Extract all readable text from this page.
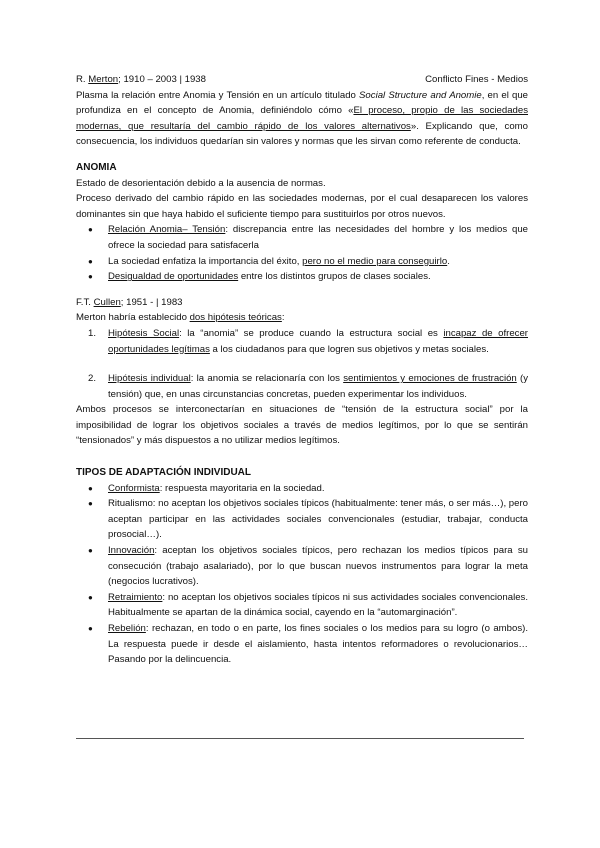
R. Merton; 1910 – 2003 | 1938	Conflicto Fines - Medios
Plasma la relación entre Anomia y Tensión en un artículo titulado Social Structure and Anomie, en el que profundiza en el concepto de Anomia, definiéndolo cómo «El proceso, propio de las sociedades modernas, que resultaría del cambio rápido de los valores alternativos». Explicando que, como consecuencia, los individuos quedarían sin valores y normas que les sirvan como referente de conducta.
ANOMIA
Estado de desorientación debido a la ausencia de normas.
Proceso derivado del cambio rápido en las sociedades modernas, por el cual desaparecen los valores dominantes sin que haya habido el suficiente tiempo para sustituirlos por otros nuevos.
● Relación Anomia– Tensión: discrepancia entre las necesidades del hombre y los medios que ofrece la sociedad para satisfacerla
● La sociedad enfatiza la importancia del éxito, pero no el medio para conseguirlo.
● Desigualdad de oportunidades entre los distintos grupos de clases sociales.
F.T. Cullen; 1951 - | 1983
Merton habría establecido dos hipótesis teóricas:
1. Hipótesis Social: la “anomia” se produce cuando la estructura social es incapaz de ofrecer oportunidades legítimas a los ciudadanos para que logren sus objetivos y metas sociales.
2. Hipótesis individual: la anomia se relacionaría con los sentimientos y emociones de frustración (y tensión) que, en unas circunstancias concretas, pueden experimentar los individuos.
Ambos procesos se interconectarían en situaciones de “tensión de la estructura social” por la imposibilidad de lograr los objetivos sociales a través de medios legítimos, por lo que se sentirán “tensionados” y más dispuestos a no utilizar medios legítimos.
TIPOS DE ADAPTACIÓN INDIVIDUAL
● Conformista: respuesta mayoritaria en la sociedad.
● Ritualismo: no aceptan los objetivos sociales típicos (habitualmente: tener más, o ser más…), pero aceptan participar en las actividades sociales convencionales (estudiar, trabajar, conducta prosocial…).
● Innovación: aceptan los objetivos sociales típicos, pero rechazan los medios típicos para su consecución (trabajo asalariado), por lo que buscan nuevos instrumentos para lograr la meta (negocios lucrativos).
● Retraimiento: no aceptan los objetivos sociales típicos ni sus actividades sociales convencionales. Habitualmente se apartan de la dinámica social, cayendo en la “automarginación”.
● Rebelión: rechazan, en todo o en parte, los fines sociales o los medios para su logro (o ambos). La respuesta puede ir desde el aislamiento, hasta intentos reformadores o revolucionarios… Pasando por la delincuencia.
